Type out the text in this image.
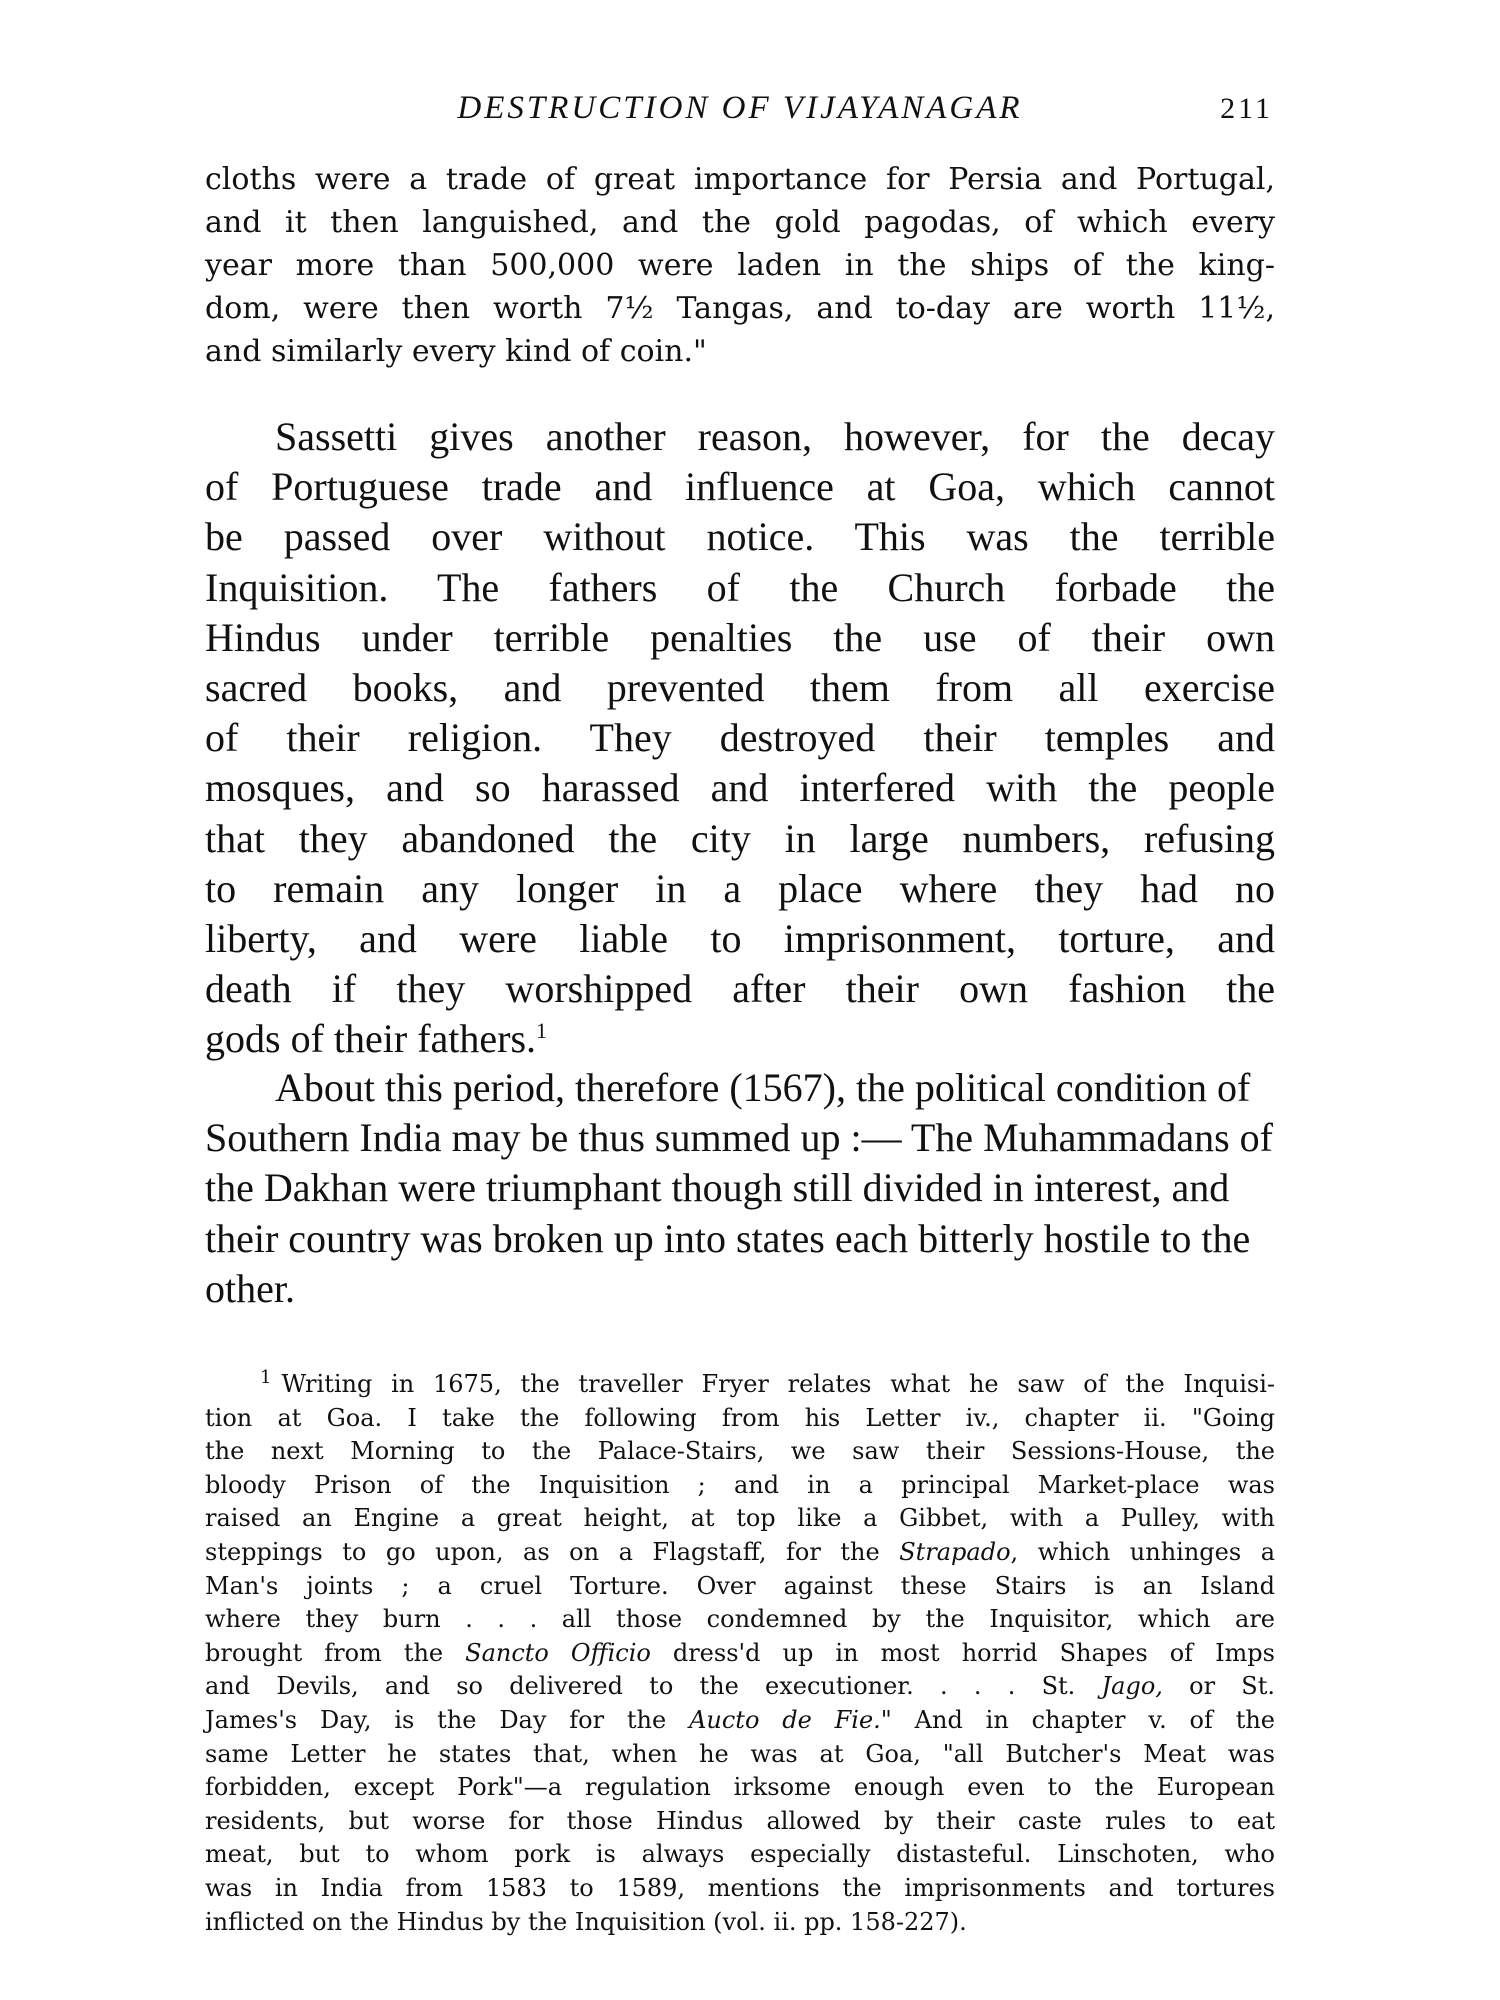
DESTRUCTION OF VIJAYANAGAR	211
cloths were a trade of great importance for Persia and Portugal,
and it then languished, and the gold pagodas, of which every
year more than 500,000 were laden in the ships of the king-
dom, were then worth 7½ Tangas, and to-day are worth 11½,
and similarly every kind of coin."
Sassetti gives another reason, however, for the decay
of Portuguese trade and influence at Goa, which cannot
be passed over without notice. This was the terrible
Inquisition. The fathers of the Church forbade the
Hindus under terrible penalties the use of their own
sacred books, and prevented them from all exercise
of their religion. They destroyed their temples and
mosques, and so harassed and interfered with the people
that they abandoned the city in large numbers, refusing
to remain any longer in a place where they had no
liberty, and were liable to imprisonment, torture, and
death if they worshipped after their own fashion the
gods of their fathers.$^1$
About this period, therefore (1567), the political condition of Southern India may be thus summed up :— The Muhammadans of the Dakhan were triumphant though still divided in interest, and their country was broken up into states each bitterly hostile to the other.
$^1$ Writing in 1675, the traveller Fryer relates what he saw of the Inquisi-
tion at Goa. I take the following from his Letter iv., chapter ii. "Going
the next Morning to the Palace-Stairs, we saw their Sessions-House, the
bloody Prison of the Inquisition ; and in a principal Market-place was
raised an Engine a great height, at top like a Gibbet, with a Pulley, with
steppings to go upon, as on a Flagstaff, for the Strapado, which unhinges a
Man's joints ; a cruel Torture. Over against these Stairs is an Island
where they burn . . . all those condemned by the Inquisitor, which are
brought from the Sancto Officio dress'd up in most horrid Shapes of Imps
and Devils, and so delivered to the executioner. . . . St. Jago, or St.
James's Day, is the Day for the Aucto de Fie." And in chapter v. of the
same Letter he states that, when he was at Goa, "all Butcher's Meat was
forbidden, except Pork"—a regulation irksome enough even to the European
residents, but worse for those Hindus allowed by their caste rules to eat
meat, but to whom pork is always especially distasteful. Linschoten, who
was in India from 1583 to 1589, mentions the imprisonments and tortures
inflicted on the Hindus by the Inquisition (vol. ii. pp. 158-227).
